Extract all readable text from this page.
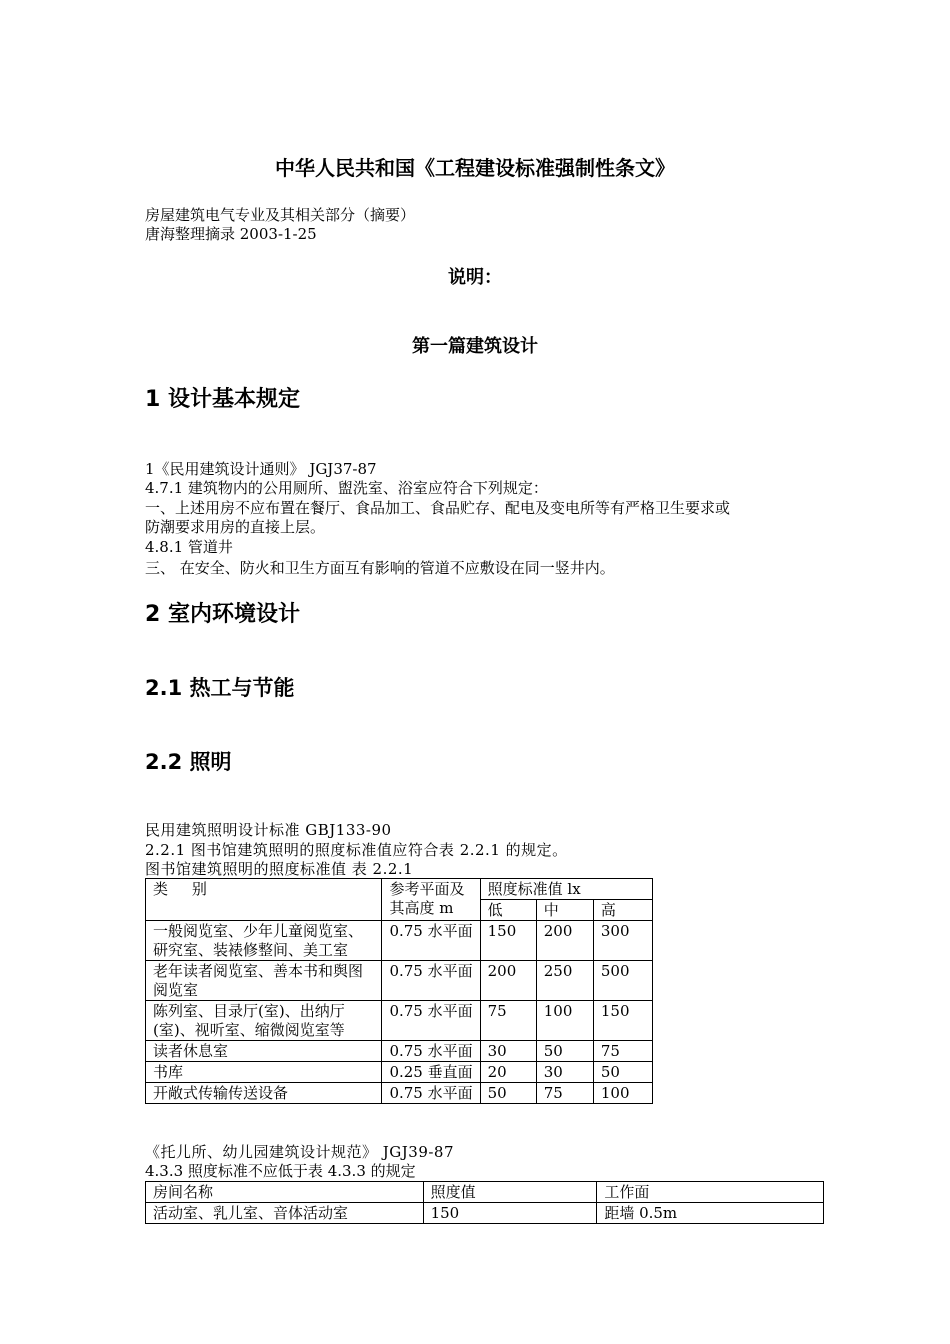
中华人民共和国《工程建设标准强制性条文》
房屋建筑电气专业及其相关部分（摘要）
唐海整理摘录 2003-1-25
说明：
第一篇建筑设计
1 设计基本规定
1《民用建筑设计通则》 JGJ37-87
4.7.1 建筑物内的公用厕所、盥洗室、浴室应符合下列规定：
一、上述用房不应布置在餐厅、食品加工、食品贮存、配电及变电所等有严格卫生要求或
防潮要求用房的直接上层。
4.8.1 管道井
三、 在安全、防火和卫生方面互有影响的管道不应敷设在同一竖井内。
2 室内环境设计
2.1 热工与节能
2.2 照明
民用建筑照明设计标准 GBJ133-90
2.2.1 图书馆建筑照明的照度标准值应符合表 2.2.1 的规定。
图书馆建筑照明的照度标准值 表 2.2.1
类     别	参考平面及其高度 m	照度标准值 lx		
		低	中	高
一般阅览室、少年儿童阅览室、研究室、装裱修整间、美工室	0.75 水平面	150	200	300
老年读者阅览室、善本书和舆图阅览室	0.75 水平面	200	250	500
陈列室、目录厅(室)、出纳厅(室)、视听室、缩微阅览室等	0.75 水平面	75	100	150
读者休息室	0.75 水平面	30	50	75
书库	0.25 垂直面	20	30	50
开敞式传输传送设备	0.75 水平面	50	75	100
《托儿所、幼儿园建筑设计规范》 JGJ39-87
4.3.3 照度标准不应低于表 4.3.3 的规定
房间名称	照度值	工作面
活动室、乳儿室、音体活动室	150	距墙 0.5m
